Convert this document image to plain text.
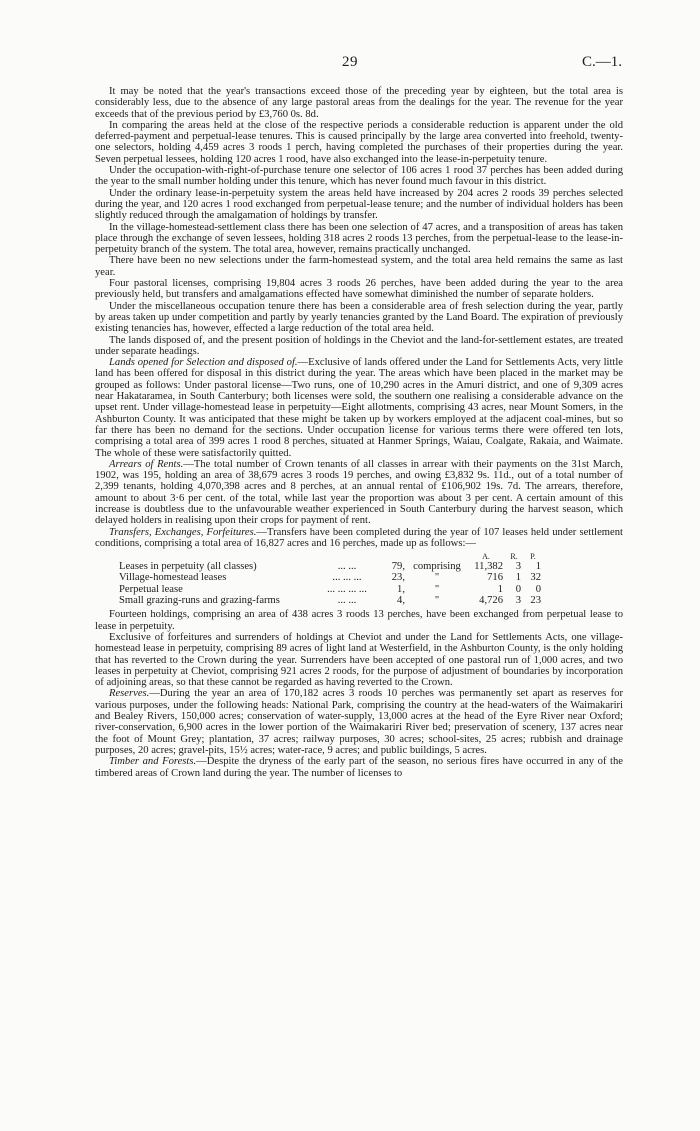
29	C.—1.

It may be noted that the year's transactions exceed those of the preceding year by eighteen, but the total area is considerably less, due to the absence of any large pastoral areas from the dealings for the year. The revenue for the year exceeds that of the previous period by £3,760 0s. 8d.

In comparing the areas held at the close of the respective periods a considerable reduction is apparent under the old deferred-payment and perpetual-lease tenures. This is caused principally by the large area converted into freehold, twenty-one selectors, holding 4,459 acres 3 roods 1 perch, having completed the purchases of their properties during the year. Seven perpetual lessees, holding 120 acres 1 rood, have also exchanged into the lease-in-perpetuity tenure.

Under the occupation-with-right-of-purchase tenure one selector of 106 acres 1 rood 37 perches has been added during the year to the small number holding under this tenure, which has never found much favour in this district.

Under the ordinary lease-in-perpetuity system the areas held have increased by 204 acres 2 roods 39 perches selected during the year, and 120 acres 1 rood exchanged from perpetual-lease tenure; and the number of individual holders has been slightly reduced through the amalgamation of holdings by transfer.

In the village-homestead-settlement class there has been one selection of 47 acres, and a transposition of areas has taken place through the exchange of seven lessees, holding 318 acres 2 roods 13 perches, from the perpetual-lease to the lease-in-perpetuity branch of the system. The total area, however, remains practically unchanged.

There have been no new selections under the farm-homestead system, and the total area held remains the same as last year.

Four pastoral licenses, comprising 19,804 acres 3 roods 26 perches, have been added during the year to the area previously held, but transfers and amalgamations effected have somewhat diminished the number of separate holders.

Under the miscellaneous occupation tenure there has been a considerable area of fresh selection during the year, partly by areas taken up under competition and partly by yearly tenancies granted by the Land Board. The expiration of previously existing tenancies has, however, effected a large reduction of the total area held.

The lands disposed of, and the present position of holdings in the Cheviot and the land-for-settlement estates, are treated under separate headings.

Lands opened for Selection and disposed of.—Exclusive of lands offered under the Land for Settlements Acts, very little land has been offered for disposal in this district during the year. The areas which have been placed in the market may be grouped as follows: Under pastoral license—Two runs, one of 10,290 acres in the Amuri district, and one of 9,309 acres near Hakataramea, in South Canterbury; both licenses were sold, the southern one realising a considerable advance on the upset rent. Under village-homestead lease in perpetuity—Eight allotments, comprising 43 acres, near Mount Somers, in the Ashburton County. It was anticipated that these might be taken up by workers employed at the adjacent coal-mines, but so far there has been no demand for the sections. Under occupation license for various terms there were offered ten lots, comprising a total area of 399 acres 1 rood 8 perches, situated at Hanmer Springs, Waiau, Coalgate, Rakaia, and Waimate. The whole of these were satisfactorily quitted.

Arrears of Rents.—The total number of Crown tenants of all classes in arrear with their payments on the 31st March, 1902, was 195, holding an area of 38,679 acres 3 roods 19 perches, and owing £3,832 9s. 11d., out of a total number of 2,399 tenants, holding 4,070,398 acres and 8 perches, at an annual rental of £106,902 19s. 7d. The arrears, therefore, amount to about 3·6 per cent. of the total, while last year the proportion was about 3 per cent. A certain amount of this increase is doubtless due to the unfavourable weather experienced in South Canterbury during the harvest season, which delayed holders in realising upon their crops for payment of rent.

Transfers, Exchanges, Forfeitures.—Transfers have been completed during the year of 107 leases held under settlement conditions, comprising a total area of 16,827 acres and 16 perches, made up as follows:—

				A.	R.	P.
Leases in perpetuity (all classes)	... ...	79,	comprising	11,382	3	1
Village-homestead leases	... ... ...	23,	"	716	1	32
Perpetual lease	... ... ... ...	1,	"	1	0	0
Small grazing-runs and grazing-farms	... ...	4,	"	4,726	3	23

Fourteen holdings, comprising an area of 438 acres 3 roods 13 perches, have been exchanged from perpetual lease to lease in perpetuity.

Exclusive of forfeitures and surrenders of holdings at Cheviot and under the Land for Settlements Acts, one village-homestead lease in perpetuity, comprising 89 acres of light land at Westerfield, in the Ashburton County, is the only holding that has reverted to the Crown during the year. Surrenders have been accepted of one pastoral run of 1,000 acres, and two leases in perpetuity at Cheviot, comprising 921 acres 2 roods, for the purpose of adjustment of boundaries by incorporation of adjoining areas, so that these cannot be regarded as having reverted to the Crown.

Reserves.—During the year an area of 170,182 acres 3 roods 10 perches was permanently set apart as reserves for various purposes, under the following heads: National Park, comprising the country at the head-waters of the Waimakariri and Bealey Rivers, 150,000 acres; conservation of water-supply, 13,000 acres at the head of the Eyre River near Oxford; river-conservation, 6,900 acres in the lower portion of the Waimakariri River bed; preservation of scenery, 137 acres near the foot of Mount Grey; plantation, 37 acres; railway purposes, 30 acres; school-sites, 25 acres; rubbish and drainage purposes, 20 acres; gravel-pits, 15½ acres; water-race, 9 acres; and public buildings, 5 acres.

Timber and Forests.—Despite the dryness of the early part of the season, no serious fires have occurred in any of the timbered areas of Crown land during the year. The number of licenses to
